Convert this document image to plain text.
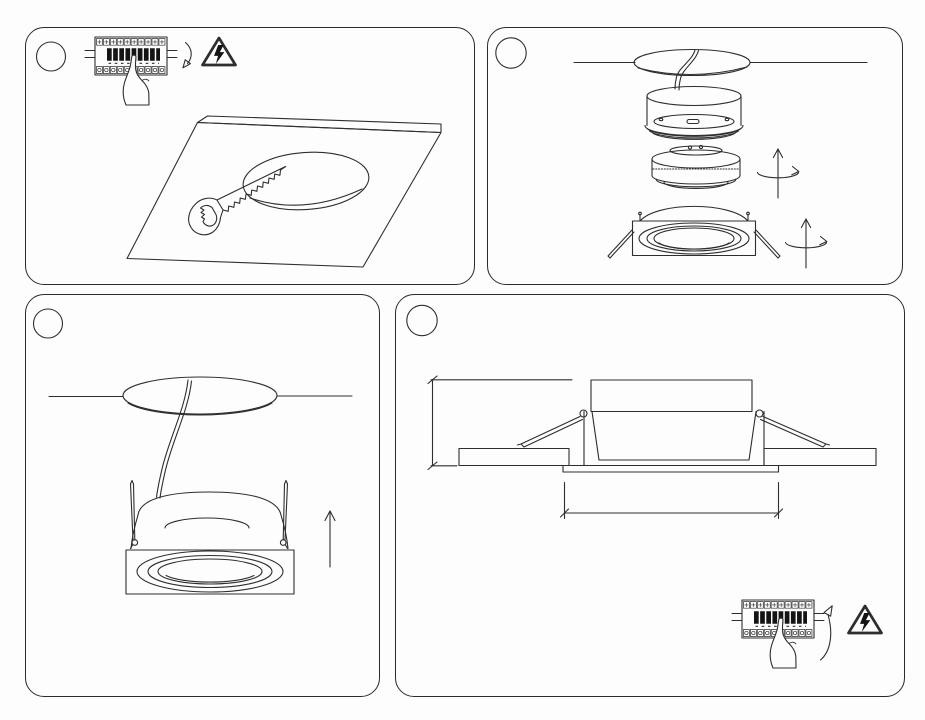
1
OFF
Ø100мм
2
3	4
46мм
2мм
110x110мм
ON
